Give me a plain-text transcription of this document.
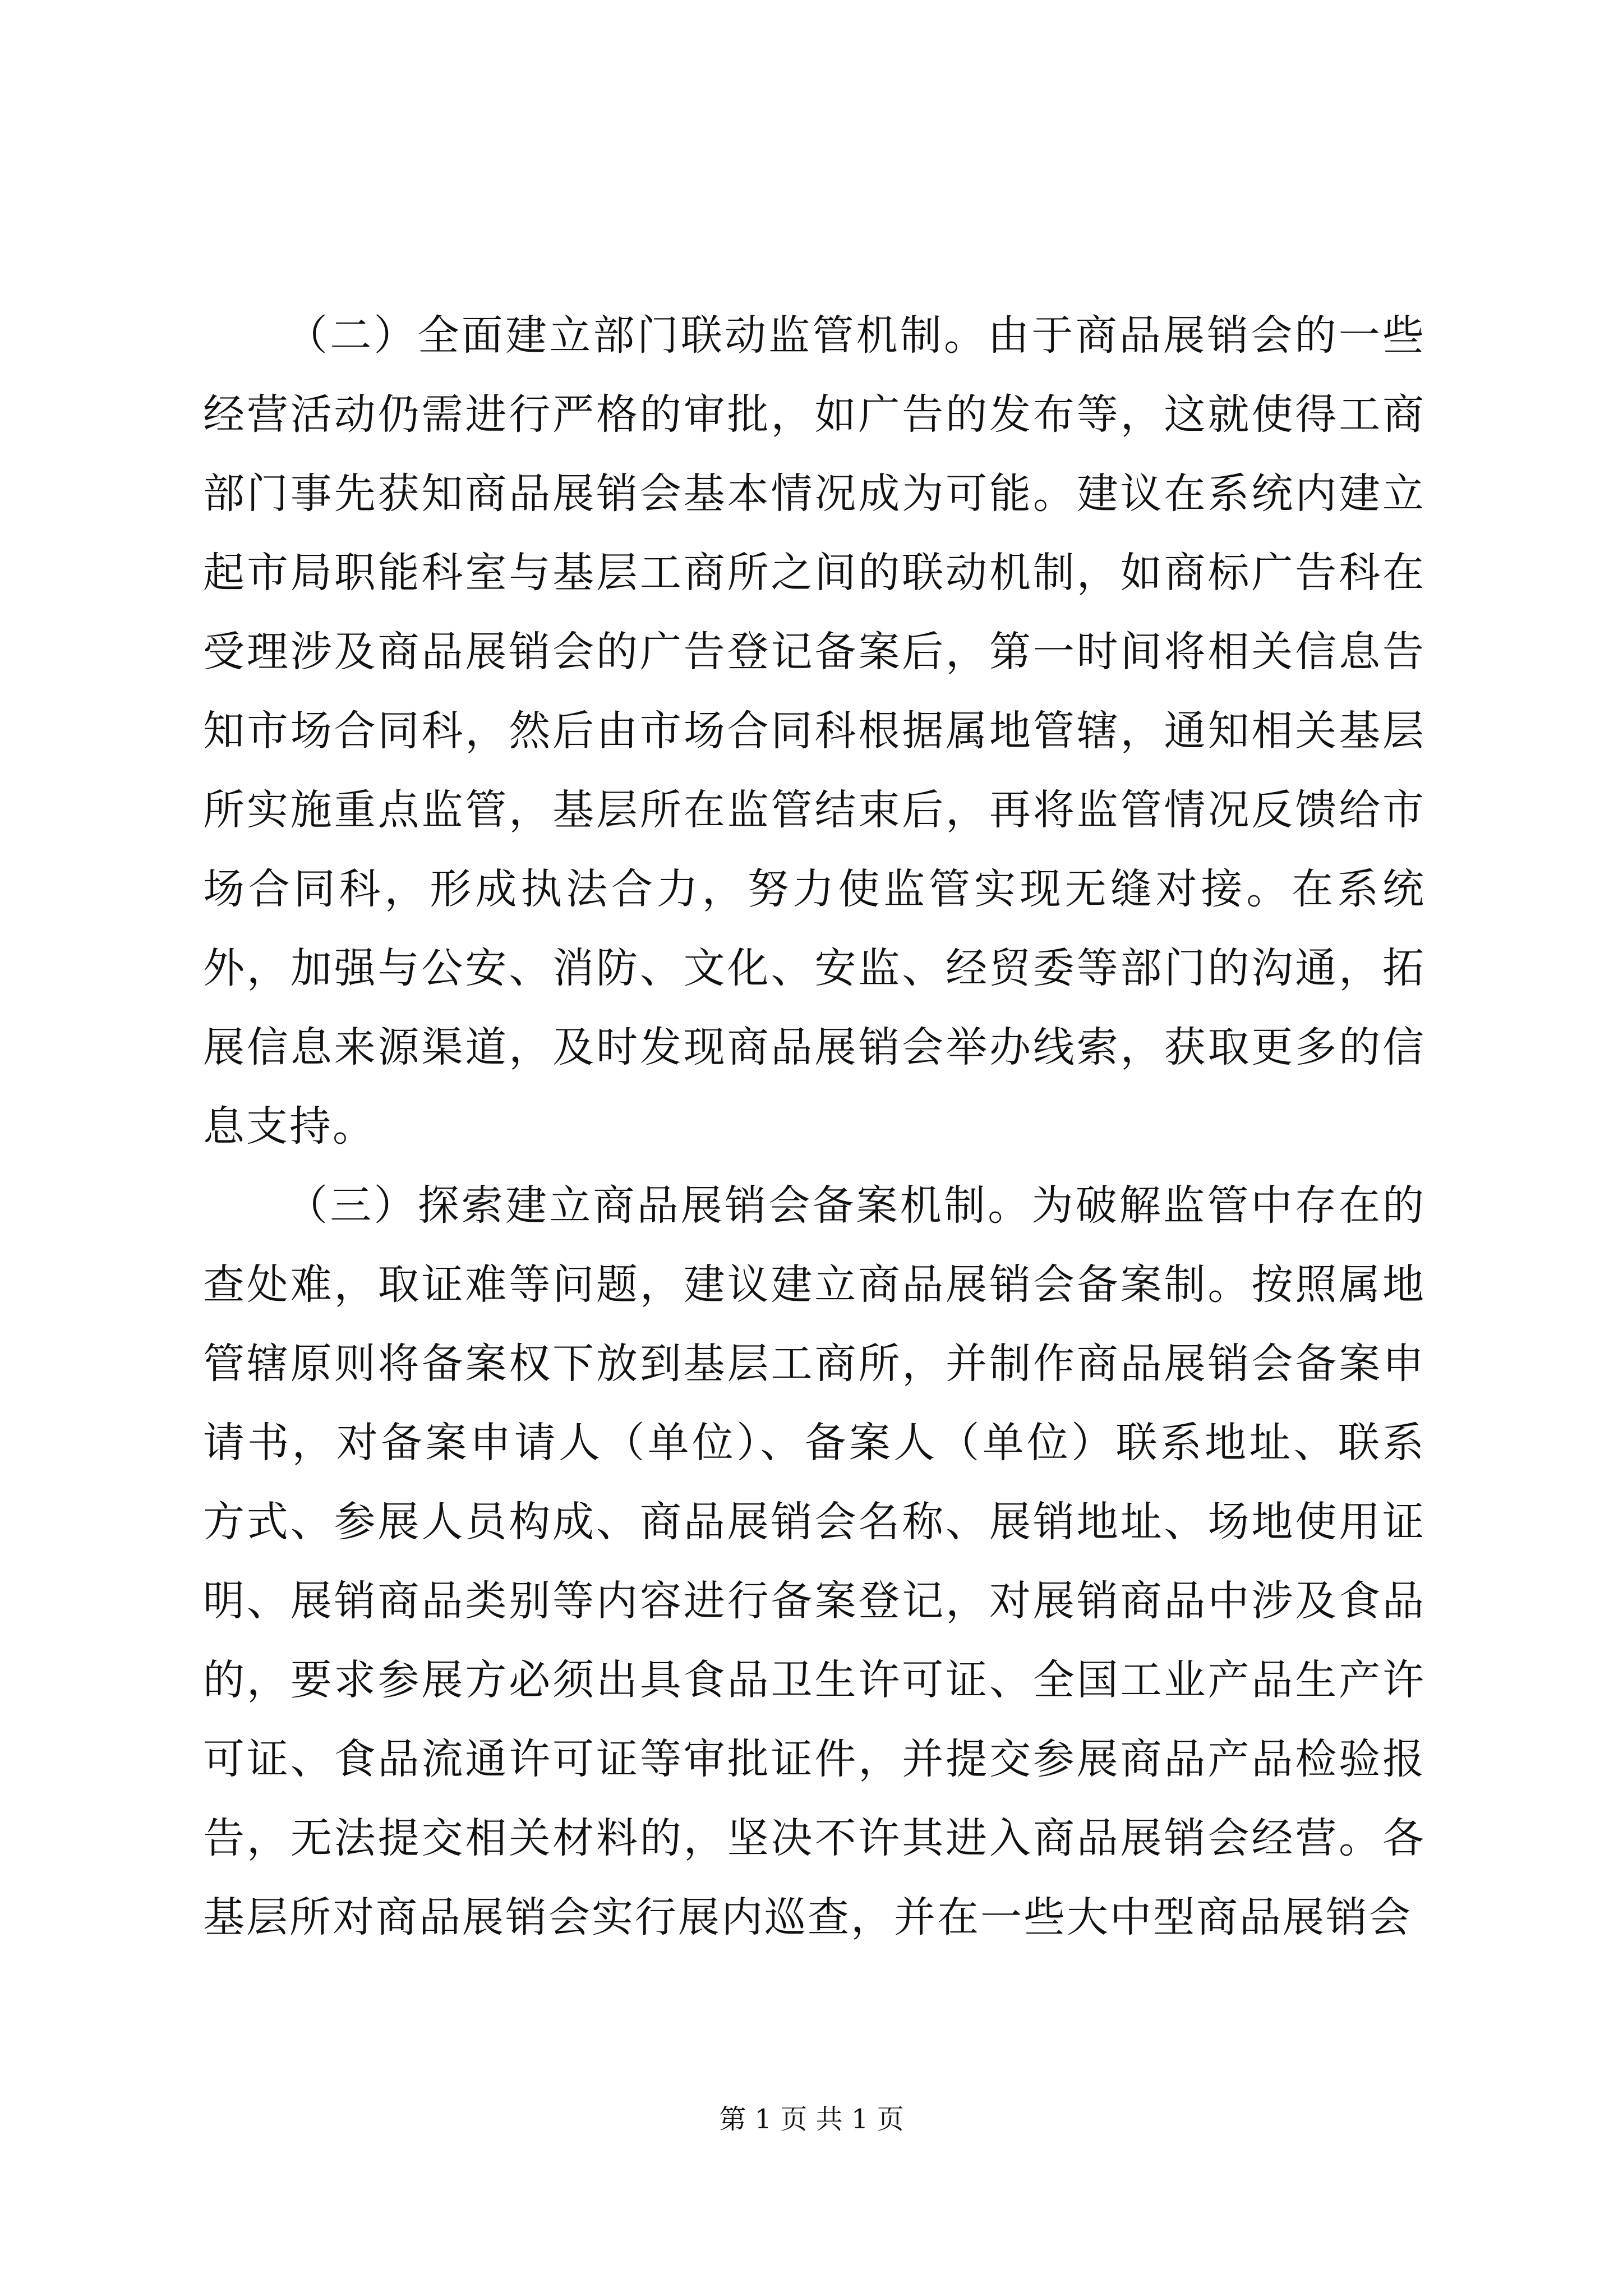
（二）全面建立部门联动监管机制。由于商品展销会的一些经营活动仍需进行严格的审批，如广告的发布等，这就使得工商部门事先获知商品展销会基本情况成为可能。建议在系统内建立起市局职能科室与基层工商所之间的联动机制，如商标广告科在受理涉及商品展销会的广告登记备案后，第一时间将相关信息告知市场合同科，然后由市场合同科根据属地管辖，通知相关基层所实施重点监管，基层所在监管结束后，再将监管情况反馈给市场合同科，形成执法合力，努力使监管实现无缝对接。在系统外，加强与公安、消防、文化、安监、经贸委等部门的沟通，拓展信息来源渠道，及时发现商品展销会举办线索，获取更多的信息支持。

（三）探索建立商品展销会备案机制。为破解监管中存在的查处难，取证难等问题，建议建立商品展销会备案制。按照属地管辖原则将备案权下放到基层工商所，并制作商品展销会备案申请书，对备案申请人（单位）、备案人（单位）联系地址、联系方式、参展人员构成、商品展销会名称、展销地址、场地使用证明、展销商品类别等内容进行备案登记，对展销商品中涉及食品的，要求参展方必须出具食品卫生许可证、全国工业产品生产许可证、食品流通许可证等审批证件，并提交参展商品产品检验报告，无法提交相关材料的，坚决不许其进入商品展销会经营。各基层所对商品展销会实行展内巡查，并在一些大中型商品展销会

第 1 页 共 1 页
